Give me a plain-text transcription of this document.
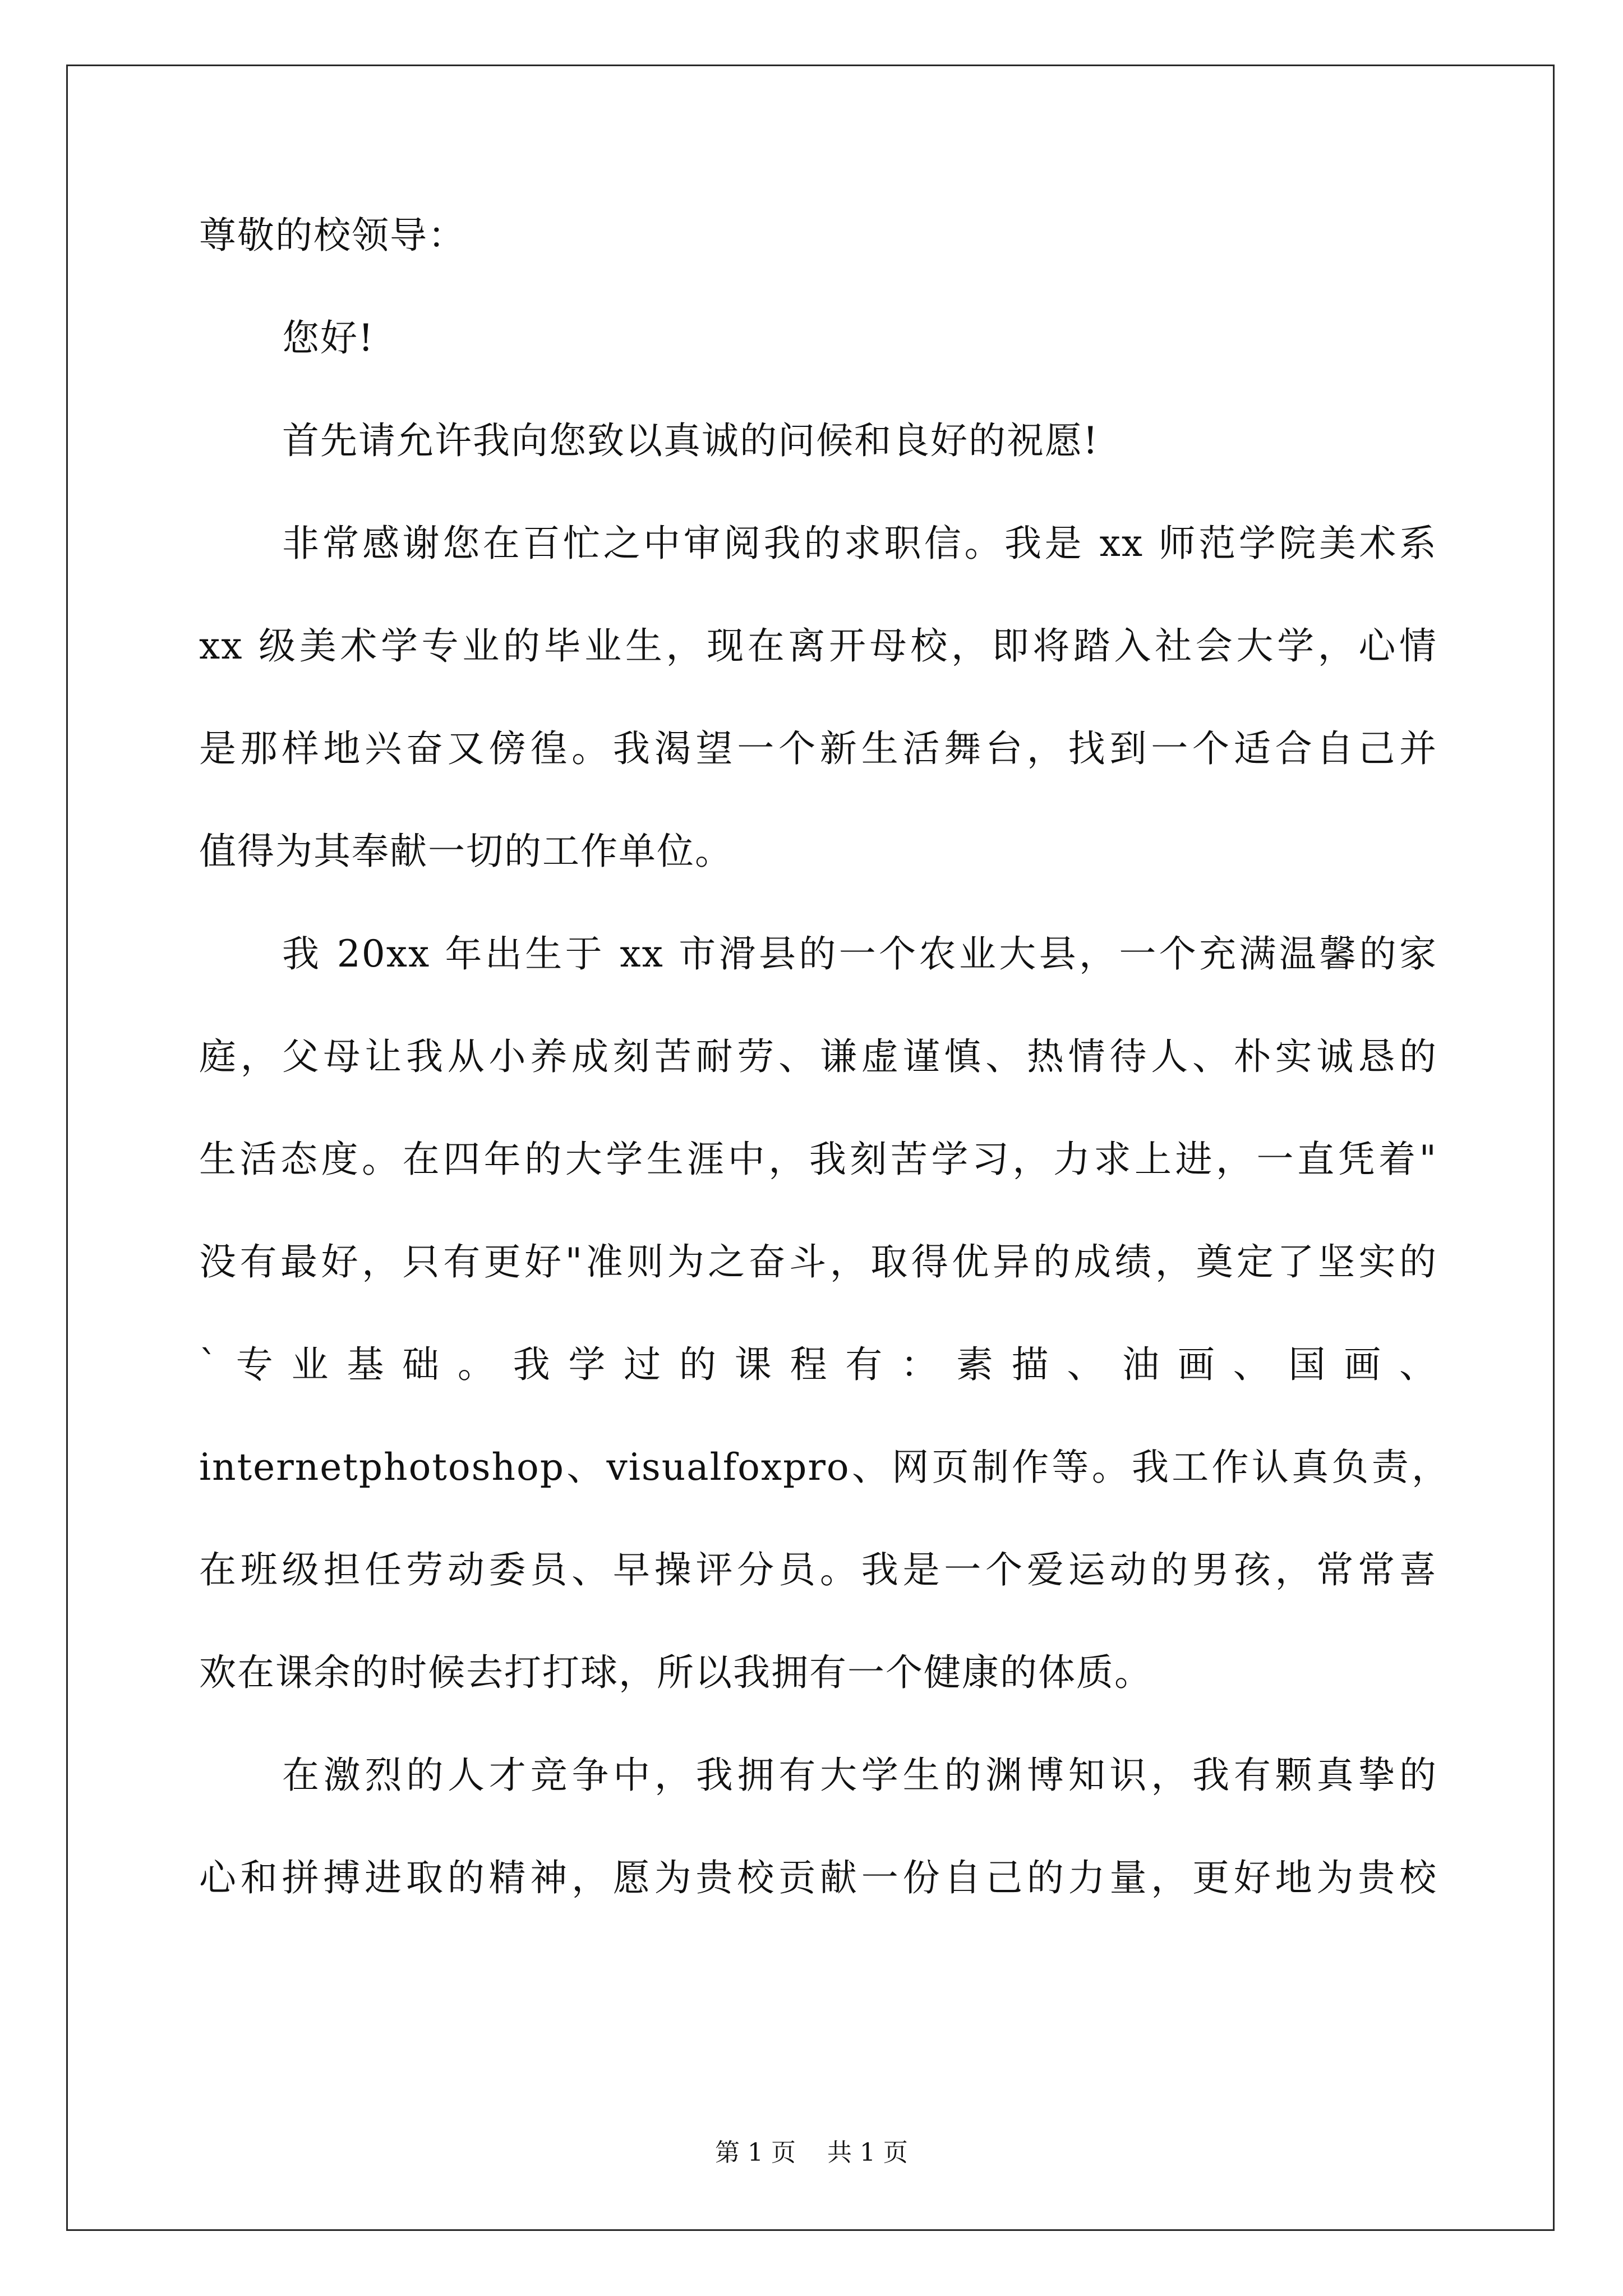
尊敬的校领导：
您好!
首先请允许我向您致以真诚的问候和良好的祝愿!
非常感谢您在百忙之中审阅我的求职信。我是 xx 师范学院美术系
xx 级美术学专业的毕业生，现在离开母校，即将踏入社会大学，心情
是那样地兴奋又傍徨。我渴望一个新生活舞台，找到一个适合自己并
值得为其奉献一切的工作单位。
我 20xx 年出生于 xx 市滑县的一个农业大县，一个充满温馨的家
庭，父母让我从小养成刻苦耐劳、谦虚谨慎、热情待人、朴实诚恳的
生活态度。在四年的大学生涯中，我刻苦学习，力求上进，一直凭着"
没有最好，只有更好"准则为之奋斗，取得优异的成绩，奠定了坚实的
`专业基础。我学过的课程有：素描、油画、国画、
internetphotoshop、visualfoxpro、网页制作等。我工作认真负责，
在班级担任劳动委员、早操评分员。我是一个爱运动的男孩，常常喜
欢在课余的时候去打打球，所以我拥有一个健康的体质。
在激烈的人才竞争中，我拥有大学生的渊博知识，我有颗真挚的
心和拼搏进取的精神，愿为贵校贡献一份自己的力量，更好地为贵校
第 1 页    共 1 页
